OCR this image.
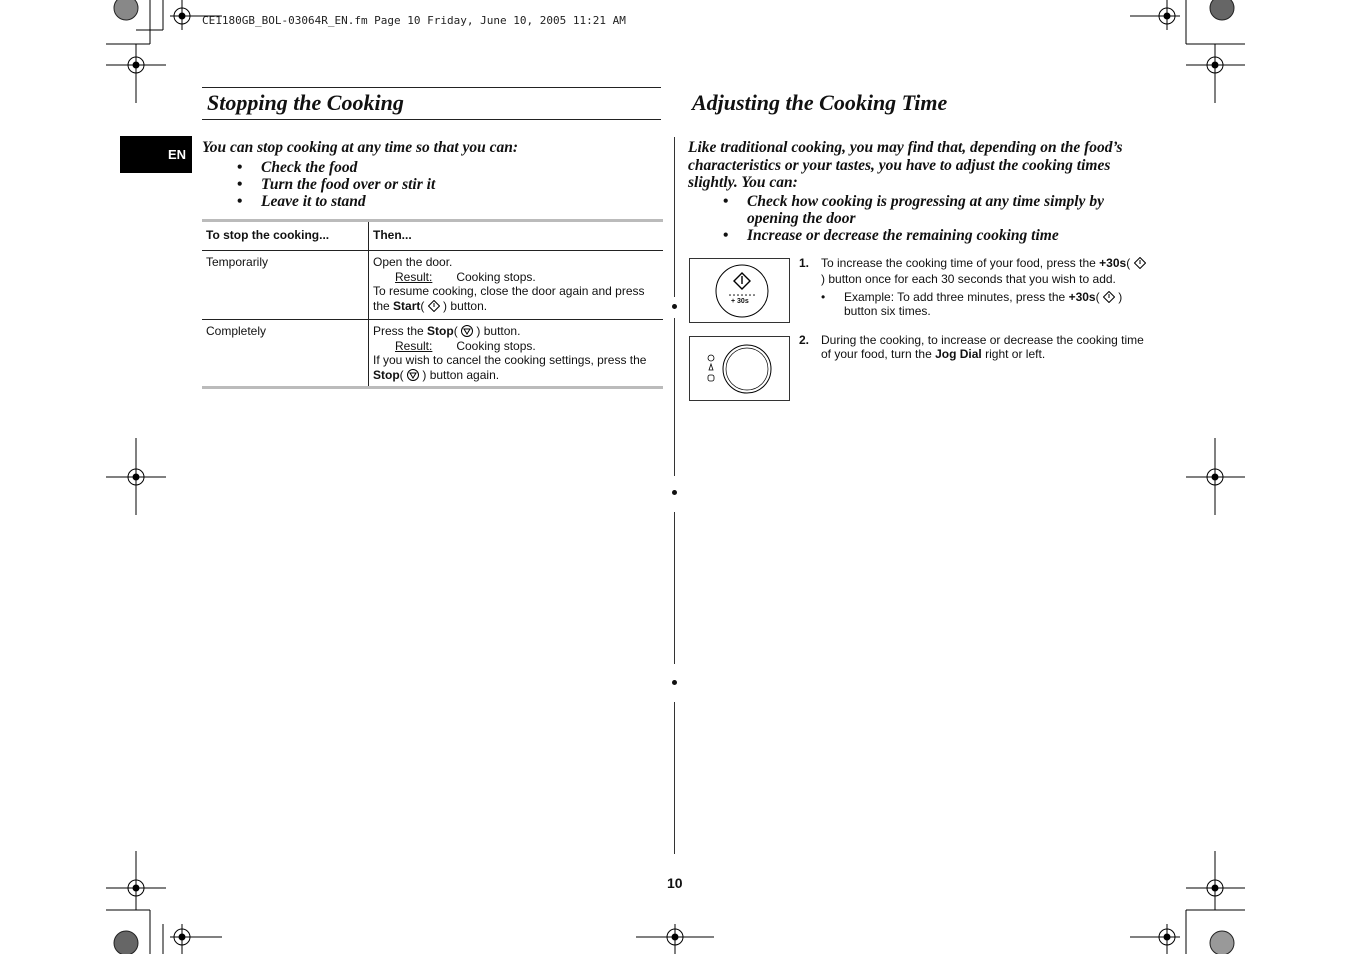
CE1180GB_BOL-03064R_EN.fm Page 10 Friday, June 10, 2005 11:21 AM
EN
Stopping the Cooking
You can stop cooking at any time so that you can:
• Check the food
• Turn the food over or stir it
• Leave it to stand
To stop the cooking...	Then...
Temporarily	Open the door.
Result: Cooking stops.
To resume cooking, close the door again and press the Start(  ) button.

Completely	Press the Stop(  ) button.
Result: Cooking stops.
If you wish to cancel the cooking settings, press the
Stop(  ) button again.
Adjusting the Cooking Time
Like traditional cooking, you may find that, depending on the food’s characteristics or your tastes, you have to adjust the cooking times slightly. You can:
• Check how cooking is progressing at any time simply by opening the door
• Increase or decrease the remaining cooking time
+ 30s
1. To increase the cooking time of your food, press the +30s(  ) button once for each 30 seconds that you wish to add.
• Example: To add three minutes, press the +30s(  ) button six times.
2. During the cooking, to increase or decrease the cooking time of your food, turn the Jog Dial right or left.
10
